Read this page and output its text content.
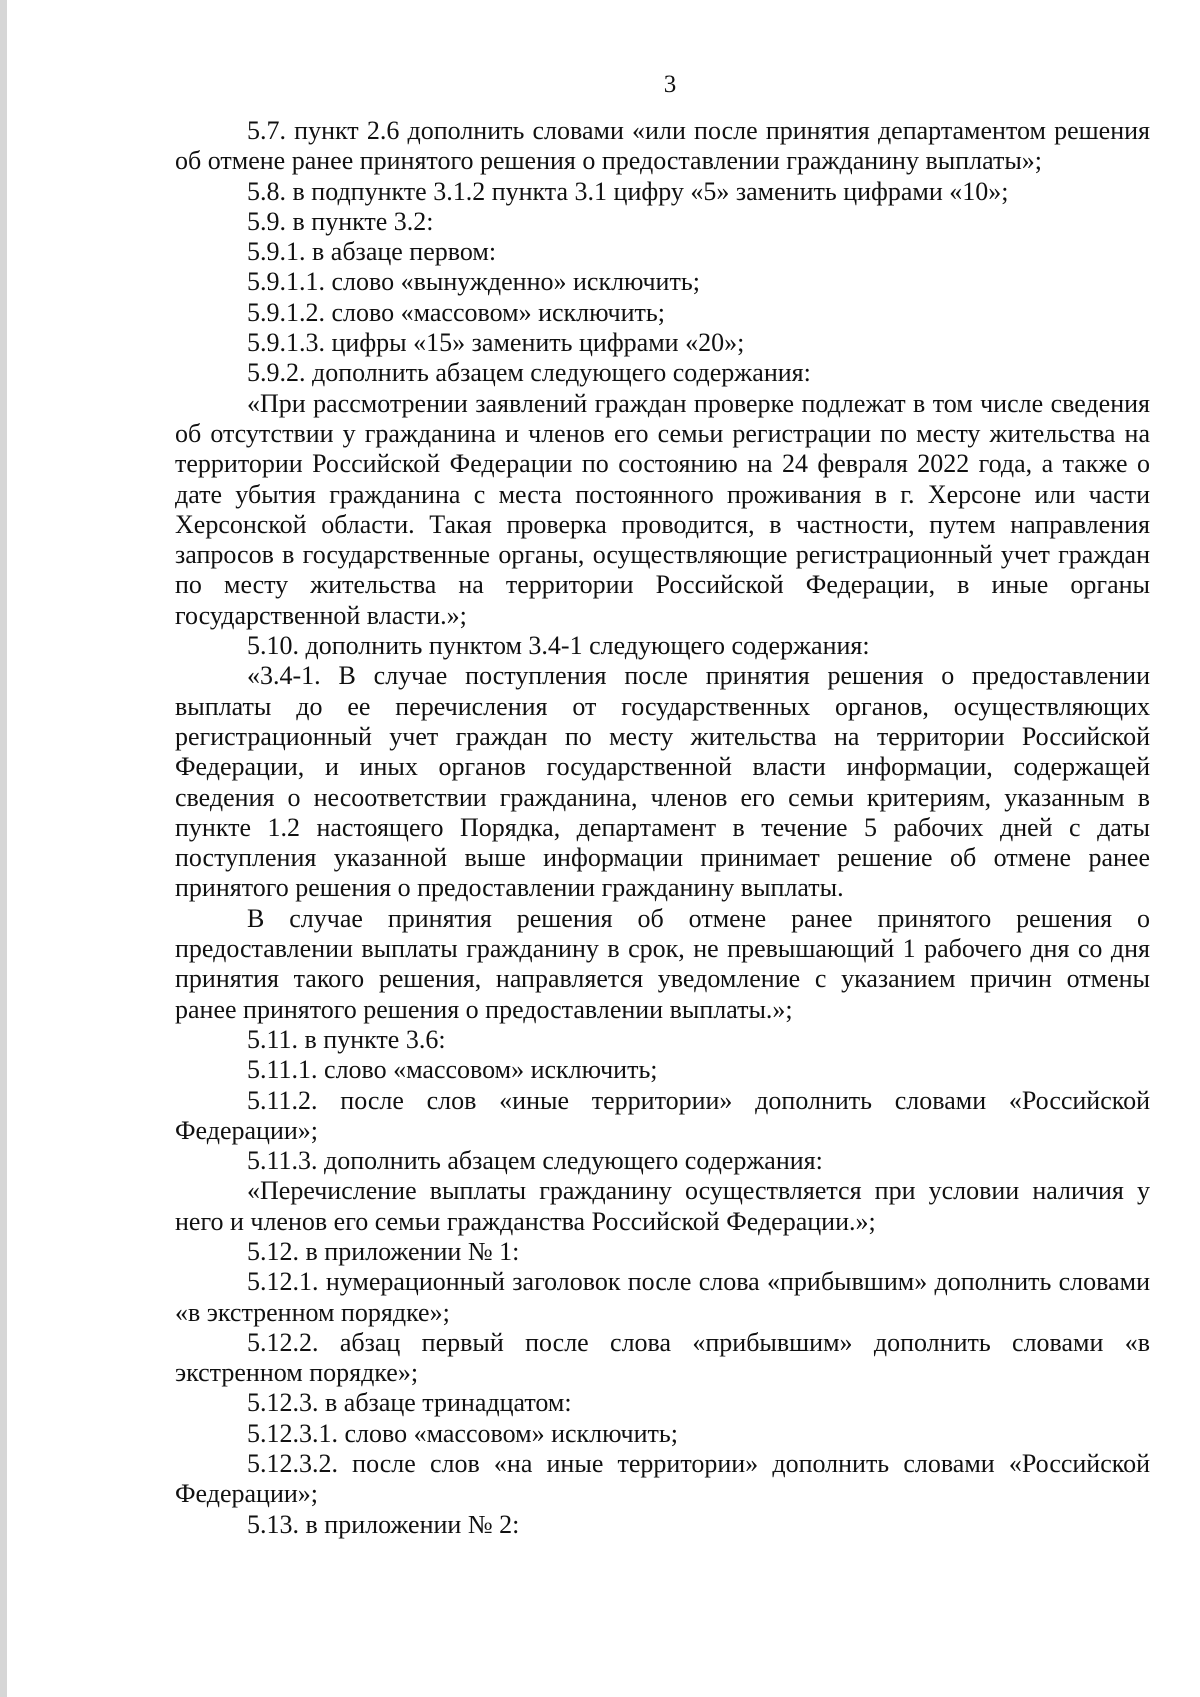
3

5.7. пункт 2.6 дополнить словами «или после принятия департаментом решения об отмене ранее принятого решения о предоставлении гражданину выплаты»;

5.8. в подпункте 3.1.2 пункта 3.1 цифру «5» заменить цифрами «10»;

5.9. в пункте 3.2:

5.9.1. в абзаце первом:

5.9.1.1. слово «вынужденно» исключить;

5.9.1.2. слово «массовом» исключить;

5.9.1.3. цифры «15» заменить цифрами «20»;

5.9.2. дополнить абзацем следующего содержания:

«При рассмотрении заявлений граждан проверке подлежат в том числе сведения об отсутствии у гражданина и членов его семьи регистрации по месту жительства на территории Российской Федерации по состоянию на 24 февраля 2022 года, а также о дате убытия гражданина с места постоянного проживания в г. Херсоне или части Херсонской области. Такая проверка проводится, в частности, путем направления запросов в государственные органы, осуществляющие регистрационный учет граждан по месту жительства на территории Российской Федерации, в иные органы государственной власти.»;

5.10. дополнить пунктом 3.4-1 следующего содержания:

«3.4-1. В случае поступления после принятия решения о предоставлении выплаты до ее перечисления от государственных органов, осуществляющих регистрационный учет граждан по месту жительства на территории Российской Федерации, и иных органов государственной власти информации, содержащей сведения о несоответствии гражданина, членов его семьи критериям, указанным в пункте 1.2 настоящего Порядка, департамент в течение 5 рабочих дней с даты поступления указанной выше информации принимает решение об отмене ранее принятого решения о предоставлении гражданину выплаты.

В случае принятия решения об отмене ранее принятого решения о предоставлении выплаты гражданину в срок, не превышающий 1 рабочего дня со дня принятия такого решения, направляется уведомление с указанием причин отмены ранее принятого решения о предоставлении выплаты.»;

5.11. в пункте 3.6:

5.11.1. слово «массовом» исключить;

5.11.2. после слов «иные территории» дополнить словами «Российской Федерации»;

5.11.3. дополнить абзацем следующего содержания:

«Перечисление выплаты гражданину осуществляется при условии наличия у него и членов его семьи гражданства Российской Федерации.»;

5.12. в приложении № 1:

5.12.1. нумерационный заголовок после слова «прибывшим» дополнить словами «в экстренном порядке»;

5.12.2. абзац первый после слова «прибывшим» дополнить словами «в экстренном порядке»;

5.12.3. в абзаце тринадцатом:

5.12.3.1. слово «массовом» исключить;

5.12.3.2. после слов «на иные территории» дополнить словами «Российской Федерации»;

5.13. в приложении № 2:
